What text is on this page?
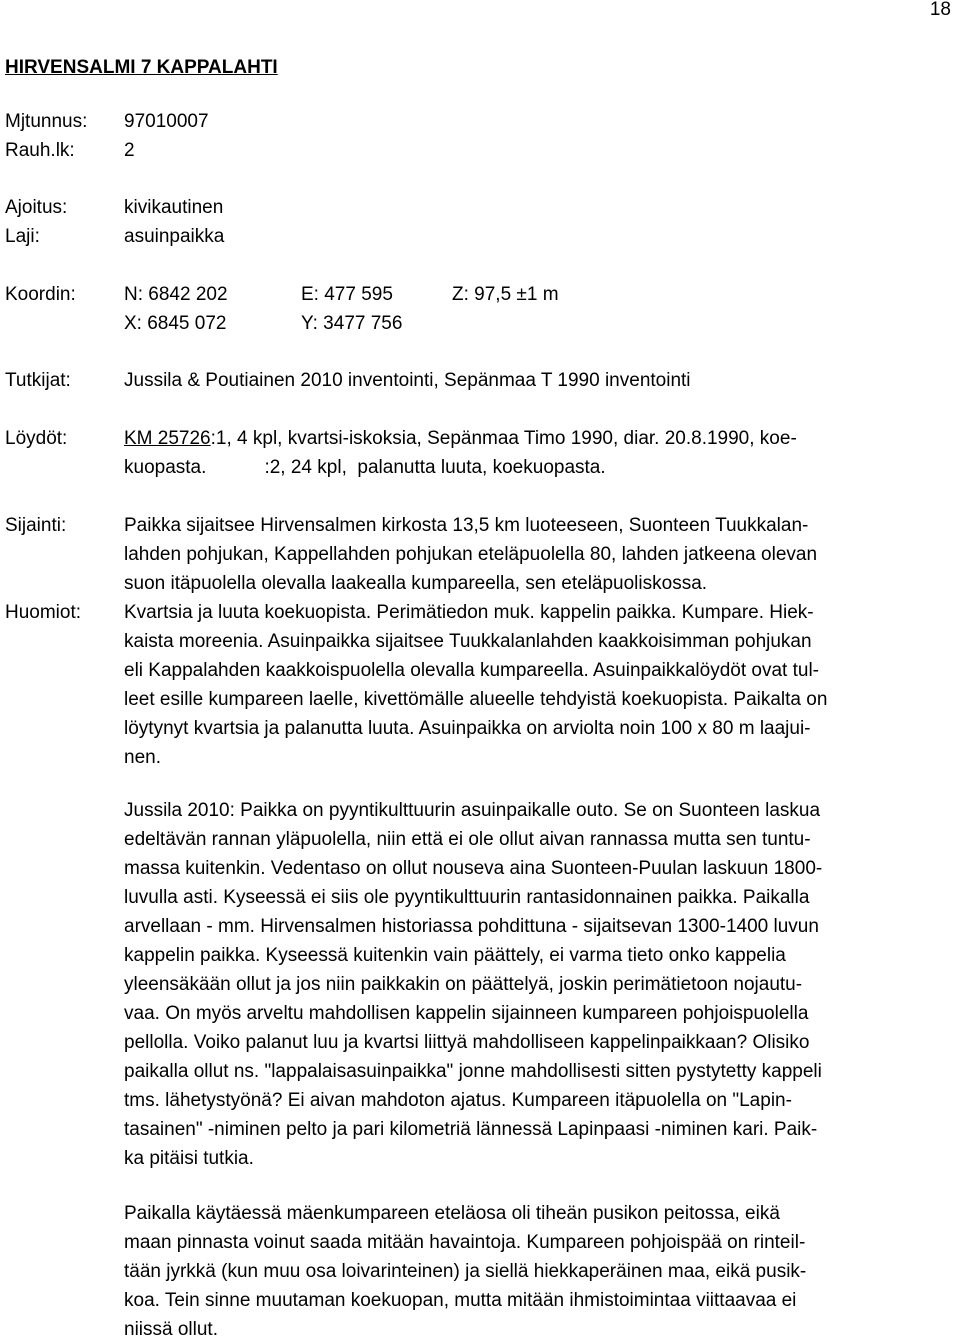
18
HIRVENSALMI 7 KAPPALAHTI
Mjtunnus: 97010007
Rauh.lk:	2
Ajoitus:	kivikautinen
Laji:	asuinpaikka
Koordin:	N: 6842 202	E: 477 595	Z: 97,5 ±1 m
X: 6845 072	Y: 3477 756
Tutkijat:	Jussila & Poutiainen 2010 inventointi, Sepänmaa T 1990 inventointi
Löydöt:	KM 25726:1, 4 kpl, kvartsi-iskoksia, Sepänmaa Timo 1990, diar. 20.8.1990, koe-
kuopasta.           :2, 24 kpl,  palanutta luuta, koekuopasta.
Sijainti:	Paikka sijaitsee Hirvensalmen kirkosta 13,5 km luoteeseen, Suonteen Tuukkalan-
lahden pohjukan, Kappellahden pohjukan eteläpuolella 80, lahden jatkeena olevan
suon itäpuolella olevalla laakealla kumpareella, sen eteläpuoliskossa.
Huomiot: Kvartsia ja luuta koekuopista. Perimätiedon muk. kappelin paikka. Kumpare. Hiek-
kaista moreenia. Asuinpaikka sijaitsee Tuukkalanlahden kaakkoisimman pohjukan
eli Kappalahden kaakkoispuolella olevalla kumpareella. Asuinpaikkalöydöt ovat tul-
leet esille kumpareen laelle, kivettömälle alueelle tehdyistä koekuopista. Paikalta on
löytynyt kvartsia ja palanutta luuta. Asuinpaikka on arviolta noin 100 x 80 m laajui-
nen.
Jussila 2010: Paikka on pyyntikulttuurin asuinpaikalle outo. Se on Suonteen laskua
edeltävän rannan yläpuolella, niin että ei ole ollut aivan rannassa mutta sen tuntu-
massa kuitenkin. Vedentaso on ollut nouseva aina Suonteen-Puulan laskuun 1800-
luvulla asti. Kyseessä ei siis ole pyyntikulttuurin rantasidonnainen paikka. Paikalla
arvellaan - mm. Hirvensalmen historiassa pohdittuna - sijaitsevan 1300-1400 luvun
kappelin paikka. Kyseessä kuitenkin vain päättely, ei varma tieto onko kappelia
yleensäkään ollut ja jos niin paikkakin on päättelyä, joskin perimätietoon nojautu-
vaa. On myös arveltu mahdollisen kappelin sijainneen kumpareen pohjoispuolella
pellolla. Voiko palanut luu ja kvartsi liittyä mahdolliseen kappelinpaikkaan? Olisiko
paikalla ollut ns. "lappalaisasuinpaikka" jonne mahdollisesti sitten pystytetty kappeli
tms. lähetystyönä? Ei aivan mahdoton ajatus. Kumpareen itäpuolella on "Lapin-
tasainen" -niminen pelto ja pari kilometriä lännessä Lapinpaasi -niminen kari. Paik-
ka pitäisi tutkia.
Paikalla käytäessä mäenkumpareen eteläosa oli tiheän pusikon peitossa, eikä
maan pinnasta voinut saada mitään havaintoja. Kumpareen pohjoispää on rinteil-
tään jyrkkä (kun muu osa loivarinteinen) ja siellä hiekkaperäinen maa, eikä pusik-
koa. Tein sinne muutaman koekuopan, mutta mitään ihmistoimintaa viittaavaa ei
niissä ollut.
